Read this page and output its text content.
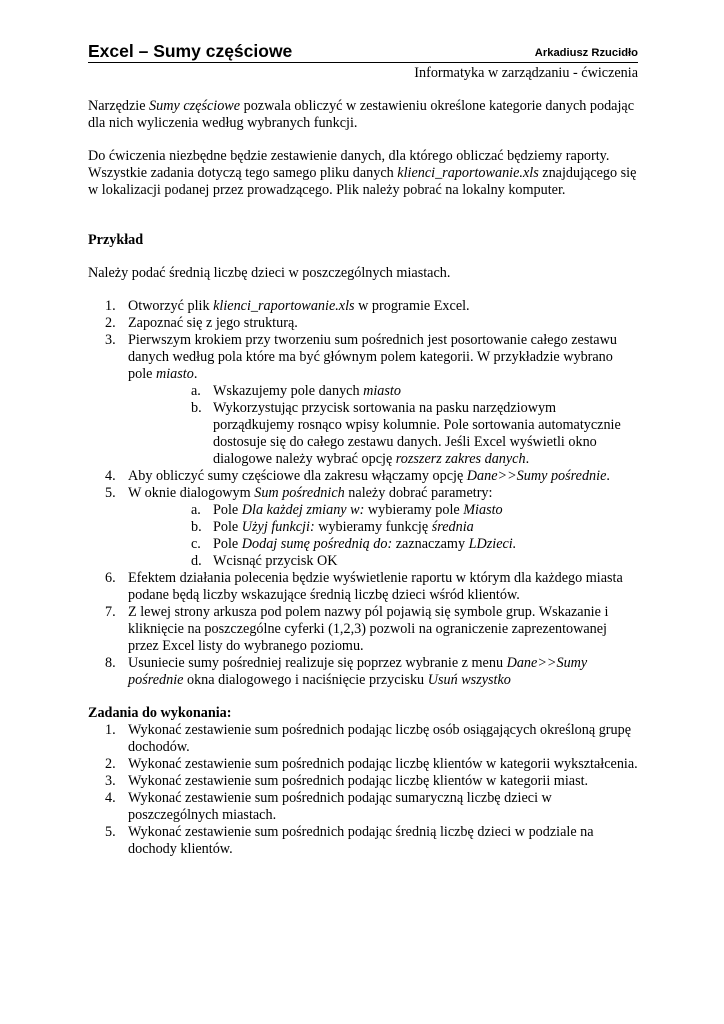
Excel – Sumy częściowe	Arkadiusz Rzucidło
Informatyka w zarządzaniu - ćwiczenia

Narzędzie Sumy częściowe pozwala obliczyć w zestawieniu określone kategorie danych podając dla nich wyliczenia według wybranych funkcji.

Do ćwiczenia niezbędne będzie zestawienie danych, dla którego obliczać będziemy raporty. Wszystkie zadania dotyczą tego samego pliku danych klienci_raportowanie.xls znajdującego się w lokalizacji podanej przez prowadzącego. Plik należy pobrać na lokalny komputer.

Przykład

Należy podać średnią liczbę dzieci w poszczególnych miastach.

1. Otworzyć plik klienci_raportowanie.xls w programie Excel.
2. Zapoznać się z jego strukturą.
3. Pierwszym krokiem przy tworzeniu sum pośrednich jest posortowanie całego zestawu danych według pola które ma być głównym polem kategorii. W przykładzie wybrano pole miasto.
a. Wskazujemy pole danych miasto
b. Wykorzystując przycisk sortowania na pasku narzędziowym porządkujemy rosnąco wpisy kolumnie. Pole sortowania automatycznie dostosuje się do całego zestawu danych. Jeśli Excel wyświetli okno dialogowe należy wybrać opcję rozszerz zakres danych.
4. Aby obliczyć sumy częściowe dla zakresu włączamy opcję Dane>>Sumy pośrednie.
5. W oknie dialogowym Sum pośrednich należy dobrać parametry:
a. Pole Dla każdej zmiany w: wybieramy pole Miasto
b. Pole Użyj funkcji: wybieramy funkcję średnia
c. Pole Dodaj sumę pośrednią do: zaznaczamy LDzieci.
d. Wcisnąć przycisk OK
6. Efektem działania polecenia będzie wyświetlenie raportu w którym dla każdego miasta podane będą liczby wskazujące średnią liczbę dzieci wśród klientów.
7. Z lewej strony arkusza pod polem nazwy pól pojawią się symbole grup. Wskazanie i kliknięcie na poszczególne cyferki (1,2,3) pozwoli na ograniczenie zaprezentowanej przez Excel listy do wybranego poziomu.
8. Usuniecie sumy pośredniej realizuje się poprzez wybranie z menu Dane>>Sumy pośrednie okna dialogowego i naciśnięcie przycisku Usuń wszystko

Zadania do wykonania:

1. Wykonać zestawienie sum pośrednich podając liczbę osób osiągających określoną grupę dochodów.
2. Wykonać zestawienie sum pośrednich podając liczbę klientów w kategorii wykształcenia.
3. Wykonać zestawienie sum pośrednich podając liczbę klientów w kategorii miast.
4. Wykonać zestawienie sum pośrednich podając sumaryczną liczbę dzieci w poszczególnych miastach.
5. Wykonać zestawienie sum pośrednich podając średnią liczbę dzieci w podziale na dochody klientów.
